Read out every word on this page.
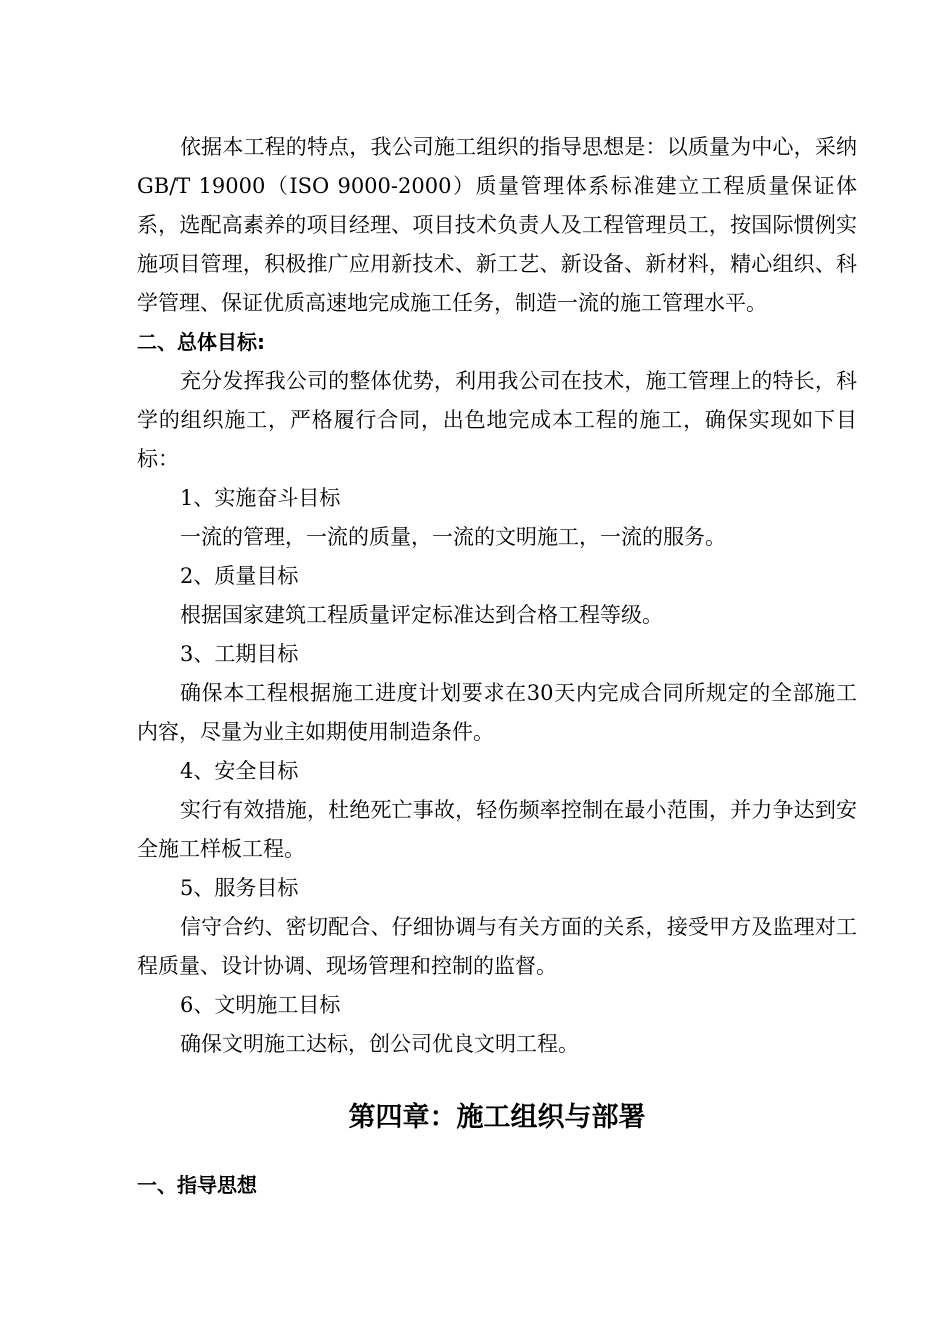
依据本工程的特点，我公司施工组织的指导思想是：以质量为中心，采纳GB/T 19000（ISO 9000-2000）质量管理体系标准建立工程质量保证体系，选配高素养的项目经理、项目技术负责人及工程管理员工，按国际惯例实施项目管理，积极推广应用新技术、新工艺、新设备、新材料，精心组织、科学管理、保证优质高速地完成施工任务，制造一流的施工管理水平。

二、总体目标:

充分发挥我公司的整体优势，利用我公司在技术，施工管理上的特长，科学的组织施工，严格履行合同，出色地完成本工程的施工，确保实现如下目标：

1、实施奋斗目标

一流的管理，一流的质量，一流的文明施工，一流的服务。

2、质量目标

根据国家建筑工程质量评定标准达到合格工程等级。

3、工期目标

确保本工程根据施工进度计划要求在30天内完成合同所规定的全部施工内容，尽量为业主如期使用制造条件。

4、安全目标

实行有效措施，杜绝死亡事故，轻伤频率控制在最小范围，并力争达到安全施工样板工程。

5、服务目标

信守合约、密切配合、仔细协调与有关方面的关系，接受甲方及监理对工程质量、设计协调、现场管理和控制的监督。

6、文明施工目标

确保文明施工达标，创公司优良文明工程。

第四章：施工组织与部署

一、指导思想
